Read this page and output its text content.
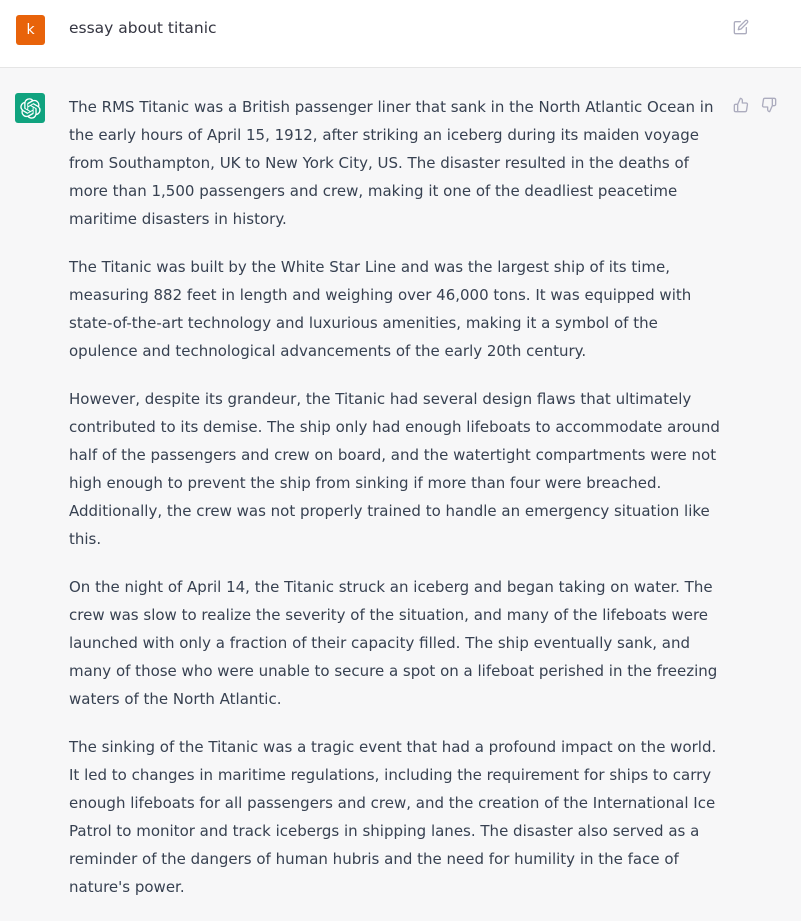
k	essay about titanic

The RMS Titanic was a British passenger liner that sank in the North Atlantic Ocean in the early hours of April 15, 1912, after striking an iceberg during its maiden voyage from Southampton, UK to New York City, US. The disaster resulted in the deaths of more than 1,500 passengers and crew, making it one of the deadliest peacetime maritime disasters in history.

The Titanic was built by the White Star Line and was the largest ship of its time, measuring 882 feet in length and weighing over 46,000 tons. It was equipped with state-of-the-art technology and luxurious amenities, making it a symbol of the opulence and technological advancements of the early 20th century.

However, despite its grandeur, the Titanic had several design flaws that ultimately contributed to its demise. The ship only had enough lifeboats to accommodate around half of the passengers and crew on board, and the watertight compartments were not high enough to prevent the ship from sinking if more than four were breached. Additionally, the crew was not properly trained to handle an emergency situation like this.

On the night of April 14, the Titanic struck an iceberg and began taking on water. The crew was slow to realize the severity of the situation, and many of the lifeboats were launched with only a fraction of their capacity filled. The ship eventually sank, and many of those who were unable to secure a spot on a lifeboat perished in the freezing waters of the North Atlantic.

The sinking of the Titanic was a tragic event that had a profound impact on the world. It led to changes in maritime regulations, including the requirement for ships to carry enough lifeboats for all passengers and crew, and the creation of the International Ice Patrol to monitor and track icebergs in shipping lanes. The disaster also served as a reminder of the dangers of human hubris and the need for humility in the face of nature's power.
